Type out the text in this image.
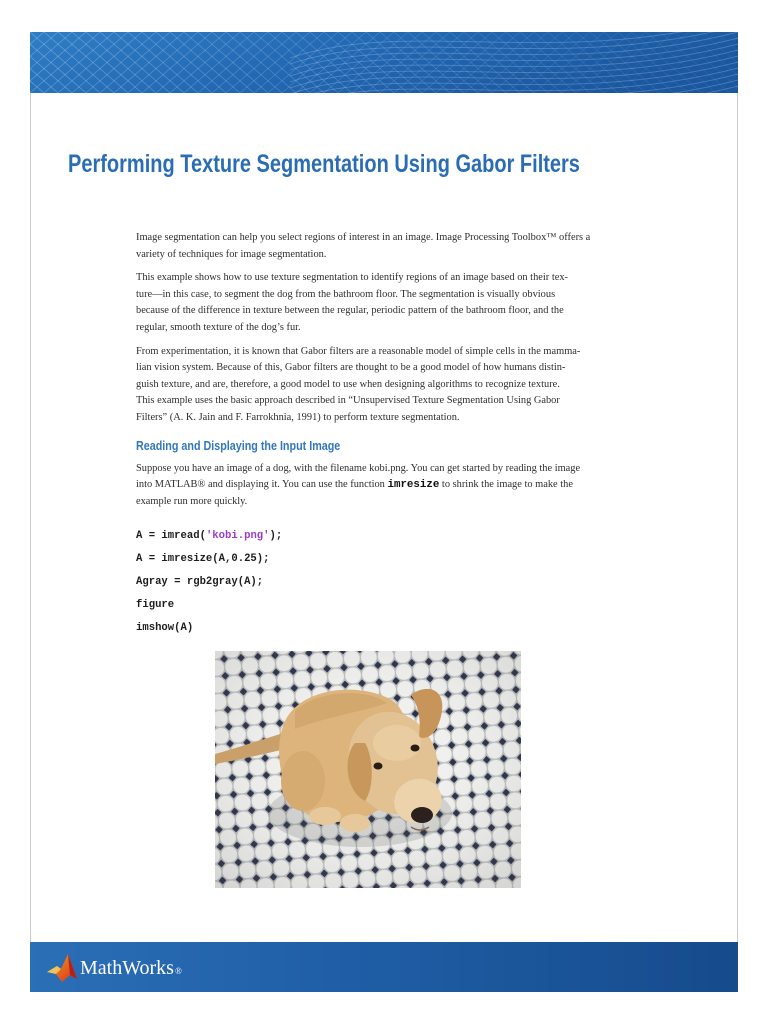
Performing Texture Segmentation Using Gabor Filters

Image segmentation can help you select regions of interest in an image. Image Processing Toolbox™ offers a
variety of techniques for image segmentation.

This example shows how to use texture segmentation to identify regions of an image based on their tex-
ture—in this case, to segment the dog from the bathroom floor. The segmentation is visually obvious
because of the difference in texture between the regular, periodic pattern of the bathroom floor, and the
regular, smooth texture of the dog’s fur.

From experimentation, it is known that Gabor filters are a reasonable model of simple cells in the mamma-
lian vision system. Because of this, Gabor filters are thought to be a good model of how humans distin-
guish texture, and are, therefore, a good model to use when designing algorithms to recognize texture.
This example uses the basic approach described in “Unsupervised Texture Segmentation Using Gabor
Filters” (A. K. Jain and F. Farrokhnia, 1991) to perform texture segmentation.

Reading and Displaying the Input Image

Suppose you have an image of a dog, with the filename kobi.png. You can get started by reading the image
into MATLAB® and displaying it. You can use the function imresize to shrink the image to make the
example run more quickly.

A = imread('kobi.png');
A = imresize(A,0.25);
Agray = rgb2gray(A);
figure
imshow(A)
MathWorks®
